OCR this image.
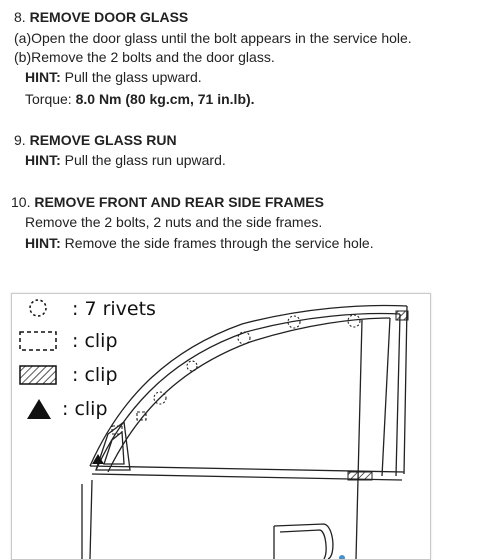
8. REMOVE DOOR GLASS
(a)Open the door glass until the bolt appears in the service hole.
(b)Remove the 2 bolts and the door glass.
HINT: Pull the glass upward.
Torque: 8.0 Nm (80 kg.cm, 71 in.lb).
9. REMOVE GLASS RUN
HINT: Pull the glass run upward.
10. REMOVE FRONT AND REAR SIDE FRAMES
Remove the 2 bolts, 2 nuts and the side frames.
HINT: Remove the side frames through the service hole.
: 7 rivets
: clip
: clip
: clip
